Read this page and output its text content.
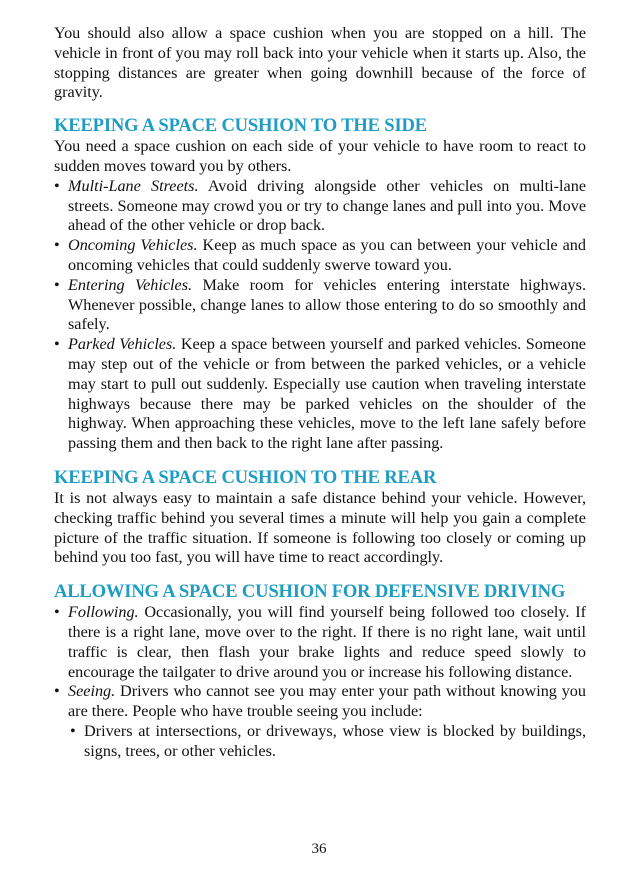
You should also allow a space cushion when you are stopped on a hill. The vehicle in front of you may roll back into your vehicle when it starts up. Also, the stopping distances are greater when going downhill because of the force of gravity.

KEEPING A SPACE CUSHION TO THE SIDE

You need a space cushion on each side of your vehicle to have room to react to sudden moves toward you by others.

• Multi-Lane Streets. Avoid driving alongside other vehicles on multi-lane streets. Someone may crowd you or try to change lanes and pull into you. Move ahead of the other vehicle or drop back.
• Oncoming Vehicles. Keep as much space as you can between your vehicle and oncoming vehicles that could suddenly swerve toward you.
• Entering Vehicles. Make room for vehicles entering interstate highways. Whenever possible, change lanes to allow those entering to do so smoothly and safely.
• Parked Vehicles. Keep a space between yourself and parked vehicles. Someone may step out of the vehicle or from between the parked vehicles, or a vehicle may start to pull out suddenly. Especially use caution when traveling interstate highways because there may be parked vehicles on the shoulder of the highway. When approaching these vehicles, move to the left lane safely before passing them and then back to the right lane after passing.
KEEPING A SPACE CUSHION TO THE REAR

It is not always easy to maintain a safe distance behind your vehicle. However, checking traffic behind you several times a minute will help you gain a complete picture of the traffic situation. If someone is following too closely or coming up behind you too fast, you will have time to react accordingly.

ALLOWING A SPACE CUSHION FOR DEFENSIVE DRIVING
• Following. Occasionally, you will find yourself being followed too closely. If there is a right lane, move over to the right. If there is no right lane, wait until traffic is clear, then flash your brake lights and reduce speed slowly to encourage the tailgater to drive around you or increase his following distance.
• Seeing. Drivers who cannot see you may enter your path without knowing you are there. People who have trouble seeing you include:
• Drivers at intersections, or driveways, whose view is blocked by buildings, signs, trees, or other vehicles.
36
